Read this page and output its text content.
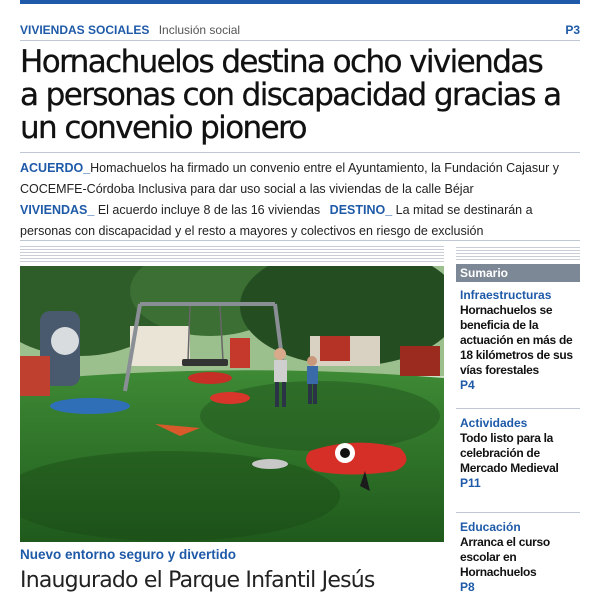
VIVIENDAS SOCIALES Inclusión social	P3
Hornachuelos destina ocho viviendas
a personas con discapacidad gracias a
un convenio pionero
ACUERDO_Homachuelos ha firmado un convenio entre el Ayuntamiento, la Fundación Cajasur y
COCEMFE-Córdoba Inclusiva para dar uso social a las viviendas de la calle Béjar
VIVIENDAS_ El acuerdo incluye 8 de las 16 viviendas DESTINO_ La mitad se destinarán a
personas con discapacidad y el resto a mayores y colectivos en riesgo de exclusión
Nuevo entorno seguro y divertido
Inaugurado el Parque Infantil Jesús
Sumario
Infraestructuras
Hornachuelos se beneficia de la actuación en más de 18 kilómetros de sus vías forestales
P4
Actividades
Todo listo para la celebración de Mercado Medieval
P11
Educación
Arranca el curso escolar en Hornachuelos
P8
